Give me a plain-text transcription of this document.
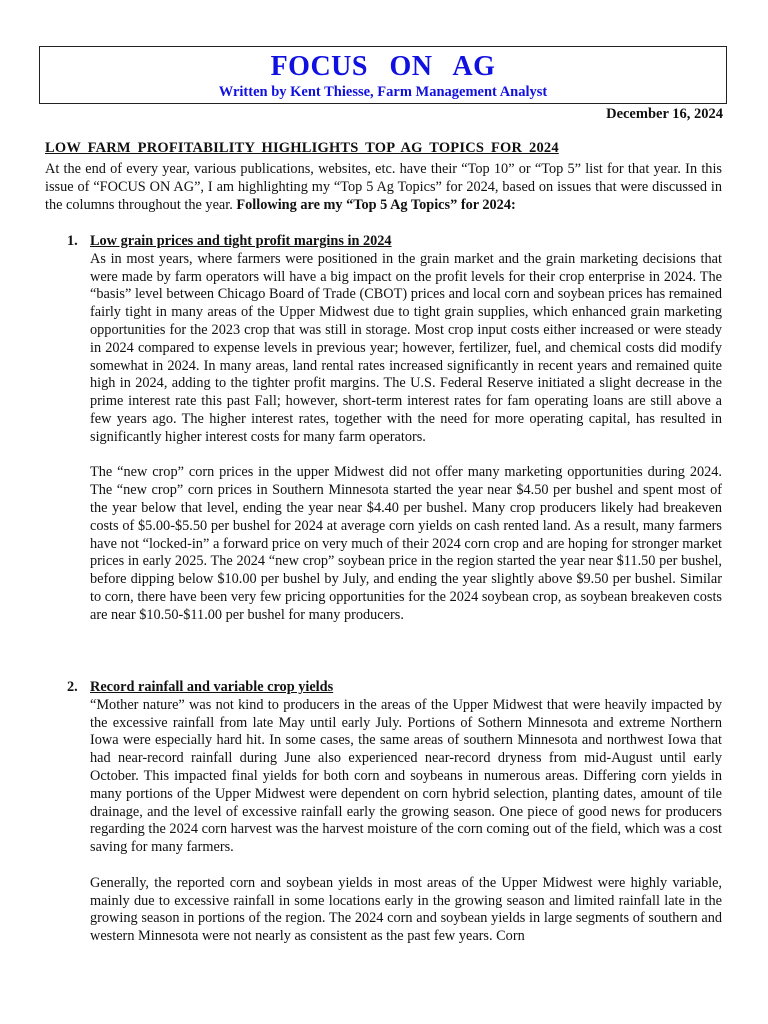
FOCUS ON AG
Written by Kent Thiesse, Farm Management Analyst
December 16, 2024
LOW FARM PROFITABILITY HIGHLIGHTS TOP AG TOPICS FOR 2024
At the end of every year, various publications, websites, etc. have their “Top 10” or “Top 5” list for that year. In this issue of “FOCUS ON AG”, I am highlighting my “Top 5 Ag Topics” for 2024, based on issues that were discussed in the columns throughout the year. Following are my “Top 5 Ag Topics” for 2024:
1. Low grain prices and tight profit margins in 2024
As in most years, where farmers were positioned in the grain market and the grain marketing decisions that were made by farm operators will have a big impact on the profit levels for their crop enterprise in 2024. The “basis” level between Chicago Board of Trade (CBOT) prices and local corn and soybean prices has remained fairly tight in many areas of the Upper Midwest due to tight grain supplies, which enhanced grain marketing opportunities for the 2023 crop that was still in storage. Most crop input costs either increased or were steady in 2024 compared to expense levels in previous year; however, fertilizer, fuel, and chemical costs did modify somewhat in 2024. In many areas, land rental rates increased significantly in recent years and remained quite high in 2024, adding to the tighter profit margins. The U.S. Federal Reserve initiated a slight decrease in the prime interest rate this past Fall; however, short-term interest rates for fam operating loans are still above a few years ago. The higher interest rates, together with the need for more operating capital, has resulted in significantly higher interest costs for many farm operators.
The “new crop” corn prices in the upper Midwest did not offer many marketing opportunities during 2024. The “new crop” corn prices in Southern Minnesota started the year near $4.50 per bushel and spent most of the year below that level, ending the year near $4.40 per bushel. Many crop producers likely had breakeven costs of $5.00-$5.50 per bushel for 2024 at average corn yields on cash rented land. As a result, many farmers have not “locked-in” a forward price on very much of their 2024 corn crop and are hoping for stronger market prices in early 2025. The 2024 “new crop” soybean price in the region started the year near $11.50 per bushel, before dipping below $10.00 per bushel by July, and ending the year slightly above $9.50 per bushel. Similar to corn, there have been very few pricing opportunities for the 2024 soybean crop, as soybean breakeven costs are near $10.50-$11.00 per bushel for many producers.
2. Record rainfall and variable crop yields
“Mother nature” was not kind to producers in the areas of the Upper Midwest that were heavily impacted by the excessive rainfall from late May until early July. Portions of Sothern Minnesota and extreme Northern Iowa were especially hard hit. In some cases, the same areas of southern Minnesota and northwest Iowa that had near-record rainfall during June also experienced near-record dryness from mid-August until early October. This impacted final yields for both corn and soybeans in numerous areas. Differing corn yields in many portions of the Upper Midwest were dependent on corn hybrid selection, planting dates, amount of tile drainage, and the level of excessive rainfall early the growing season. One piece of good news for producers regarding the 2024 corn harvest was the harvest moisture of the corn coming out of the field, which was a cost saving for many farmers.
Generally, the reported corn and soybean yields in most areas of the Upper Midwest were highly variable, mainly due to excessive rainfall in some locations early in the growing season and limited rainfall late in the growing season in portions of the region. The 2024 corn and soybean yields in large segments of southern and western Minnesota were not nearly as consistent as the past few years. Corn
